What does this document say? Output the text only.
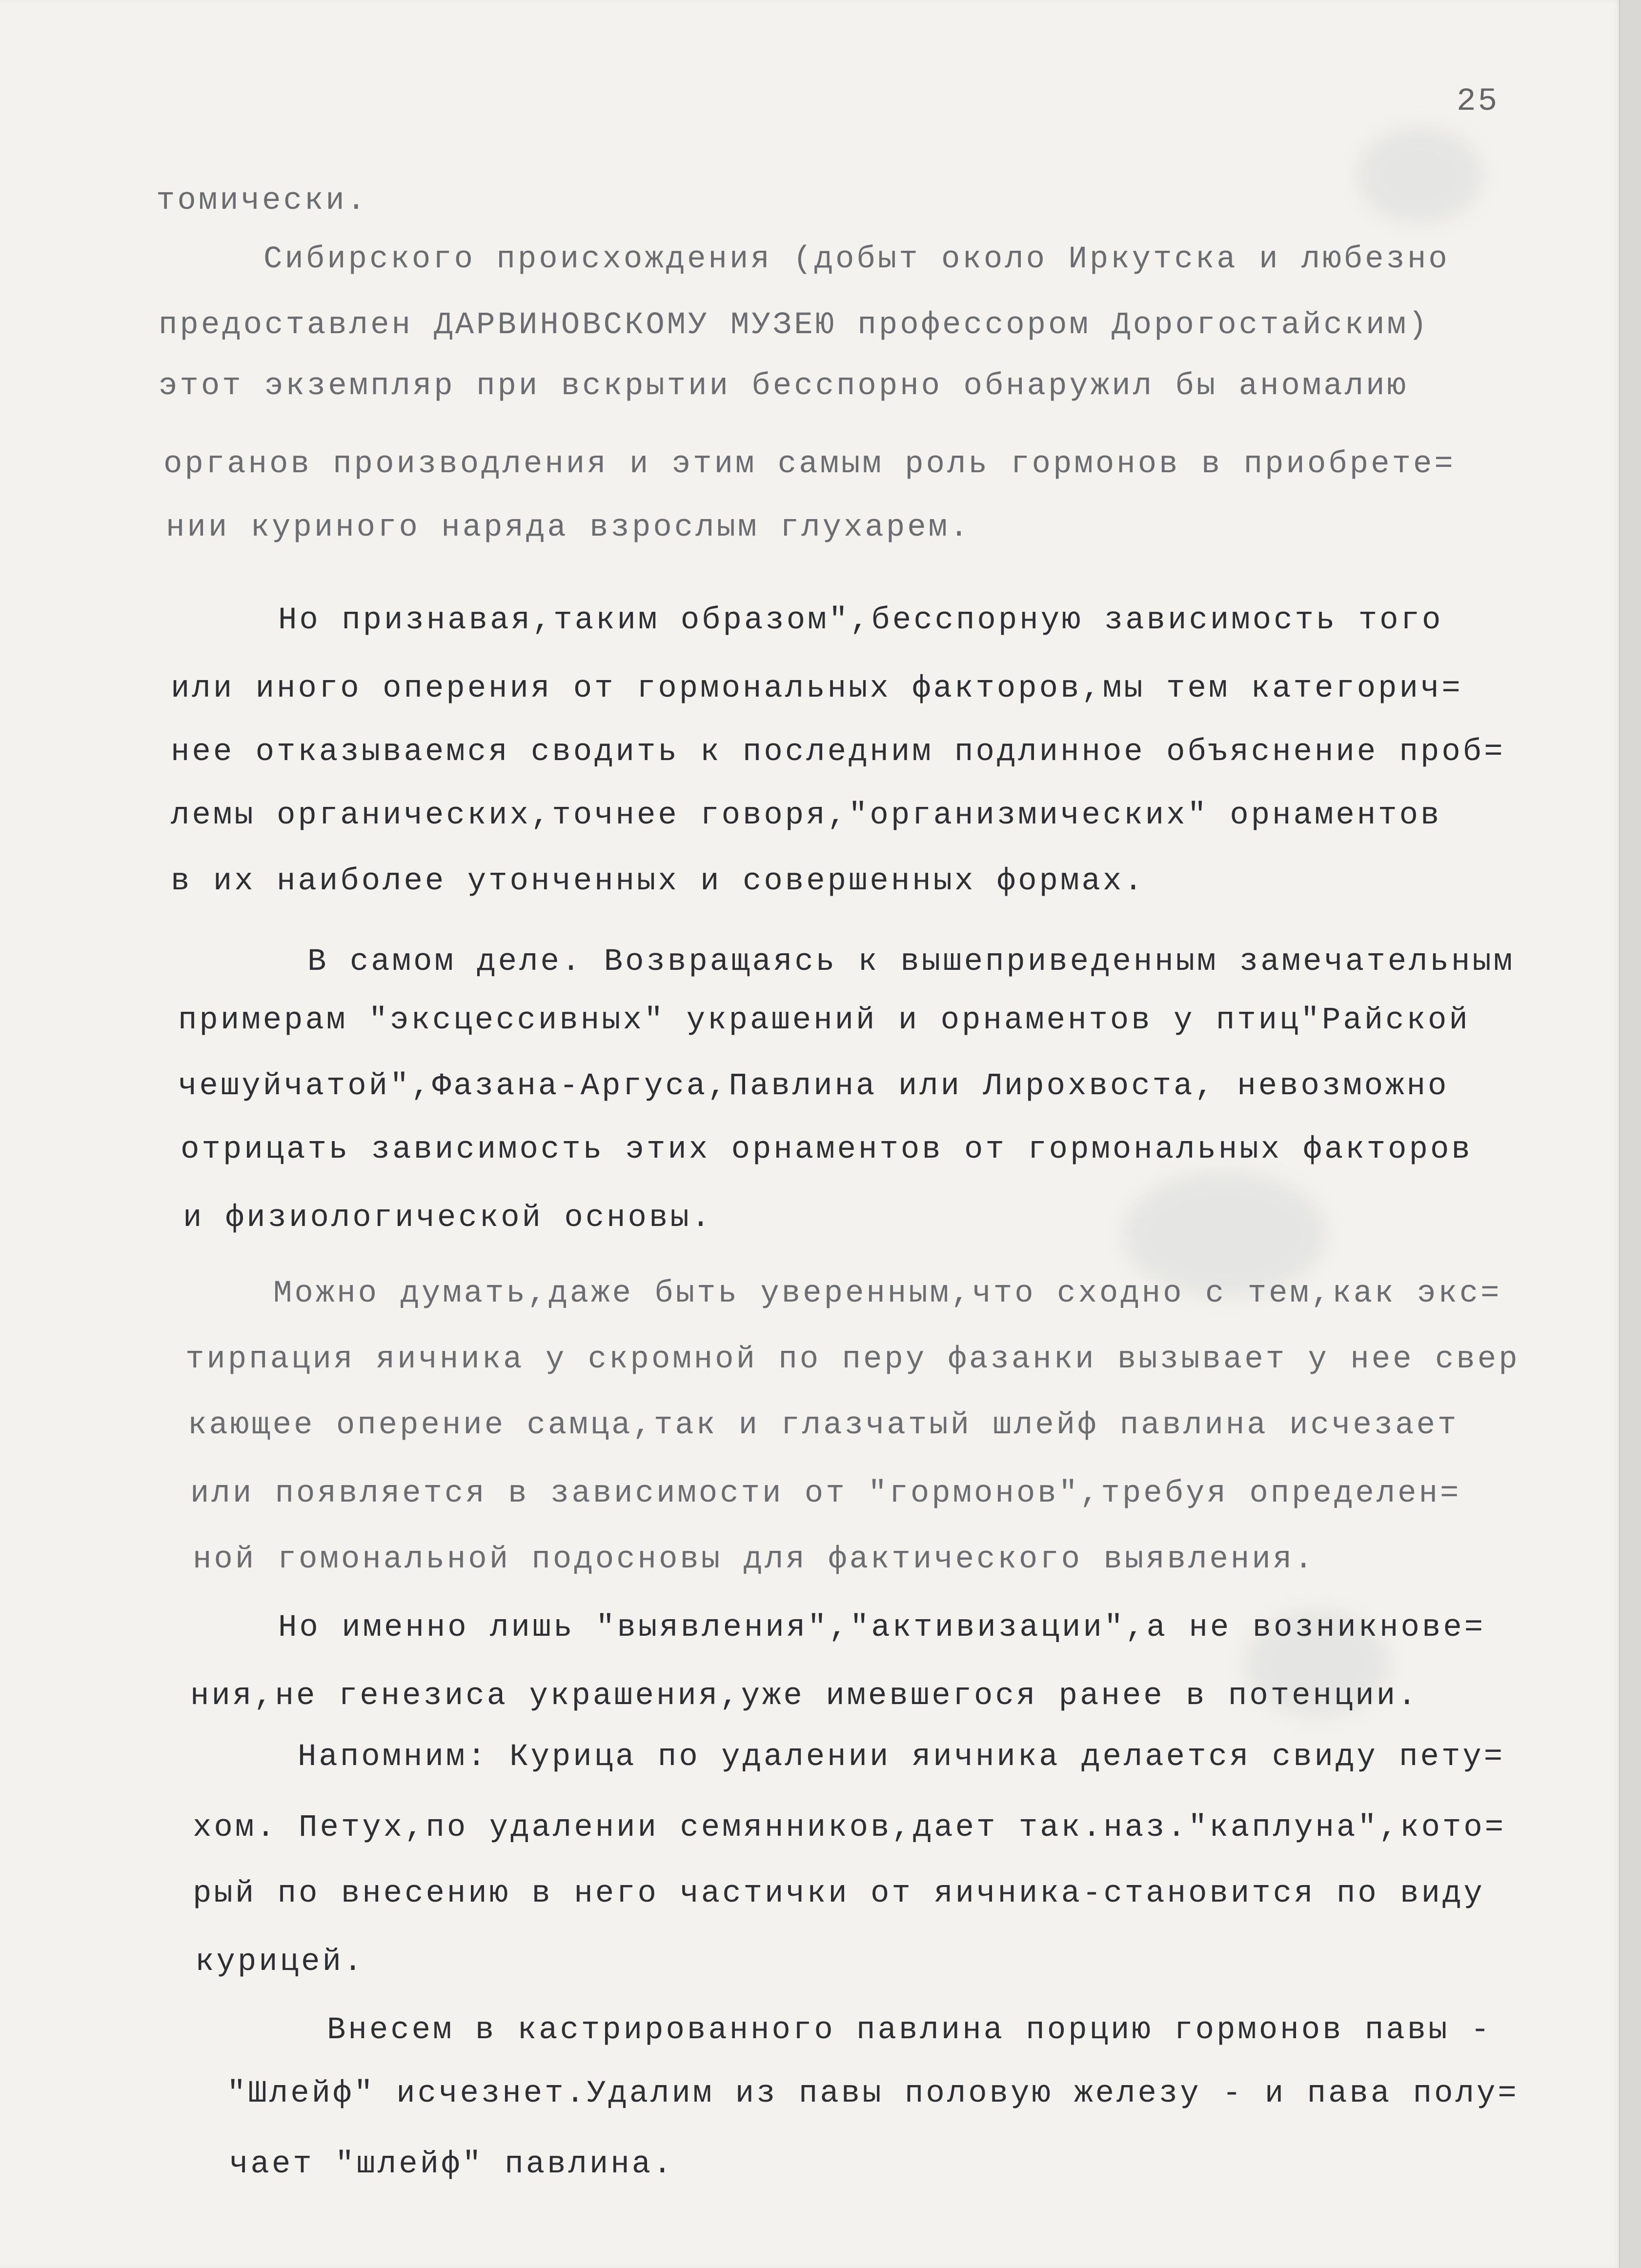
25
томически.
Сибирского происхождения (добыт около Иркутска и любезно
предоставлен ДАРВИНОВСКОМУ МУЗЕЮ профессором Дорогостайским)
этот экземпляр при вскрытии бесспорно обнаружил бы аномалию
органов производления и этим самым роль гормонов в приобрете=
нии куриного наряда взрослым глухарем.
Но признавая,таким образом",бесспорную зависимость того
или иного оперения от гормональных факторов,мы тем категорич=
нее отказываемся сводить к последним подлинное объяснение проб=
лемы органических,точнее говоря,"организмических" орнаментов
в их наиболее утонченных и совершенных формах.
В самом деле. Возвращаясь к вышеприведенным замечательным
примерам "эксцессивных" украшений и орнаментов у птиц"Райской
чешуйчатой",Фазана-Аргуса,Павлина или Лирохвоста, невозможно
отрицать зависимость этих орнаментов от гормональных факторов
и физиологической основы.
Можно думать,даже быть уверенным,что сходно с тем,как экс=
тирпация яичника у скромной по перу фазанки вызывает у нее свер
кающее оперение самца,так и глазчатый шлейф павлина исчезает
или появляется в зависимости от "гормонов",требуя определен=
ной гомональной подосновы для фактического выявления.
Но именно лишь "выявления","активизации",а не возникнове=
ния,не генезиса украшения,уже имевшегося ранее в потенции.
Напомним: Курица по удалении яичника делается свиду пету=
хом. Петух,по удалении семянников,дает так.наз."каплуна",кото=
рый по внесению в него частички от яичника-становится по виду
курицей.
Внесем в кастрированного павлина порцию гормонов павы -
"Шлейф" исчезнет.Удалим из павы половую железу - и пава полу=
чает "шлейф" павлина.
